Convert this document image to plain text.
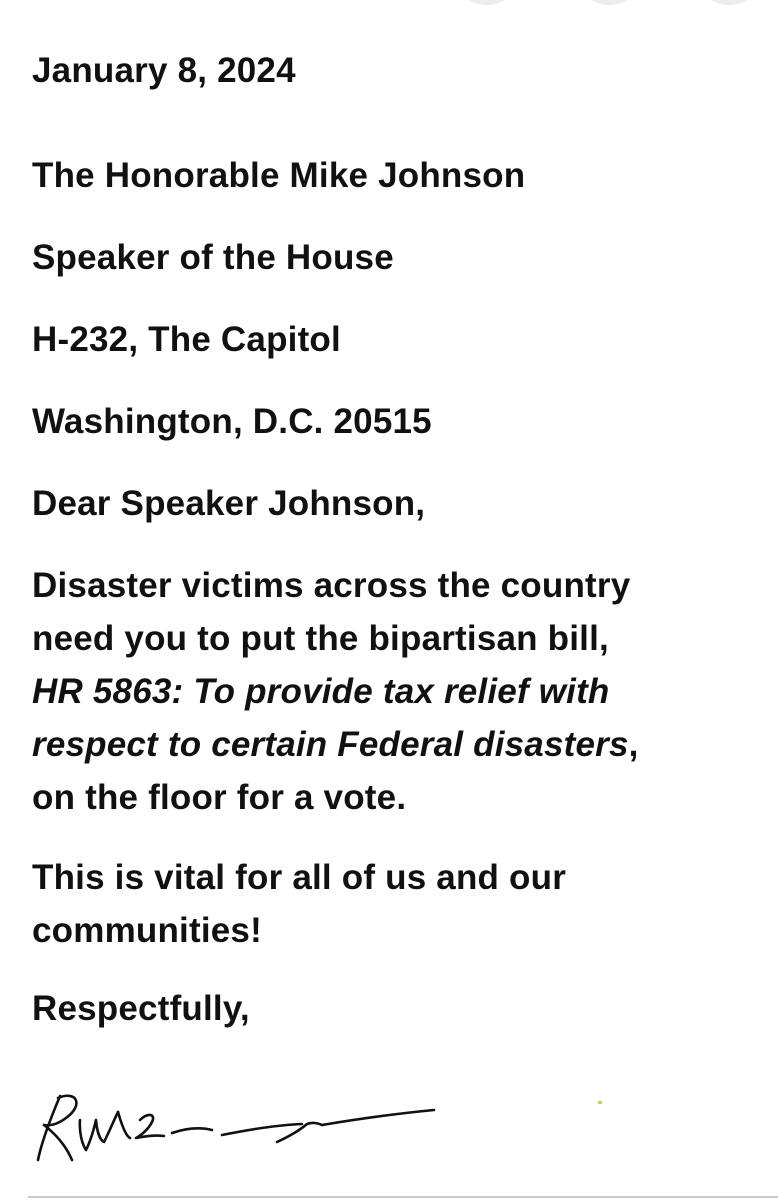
January 8, 2024
The Honorable Mike Johnson
Speaker of the House
H-232, The Capitol
Washington, D.C. 20515
Dear Speaker Johnson,
Disaster victims across the country
need you to put the bipartisan bill,
HR 5863: To provide tax relief with
respect to certain Federal disasters,
on the floor for a vote.
This is vital for all of us and our
communities!
Respectfully,
